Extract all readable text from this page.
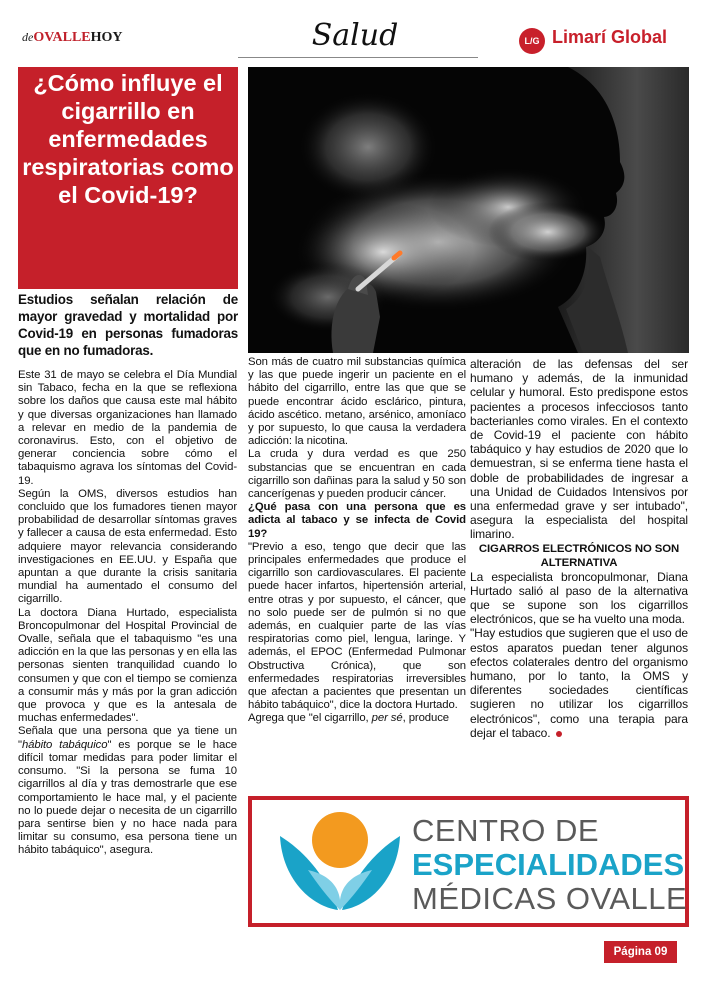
deOVALLEHOY	Salud	L/G Limarí Global
¿Cómo influye el cigarrillo en enfermedades respiratorias como el Covid-19?
Estudios señalan relación de mayor gravedad y mortalidad por Covid-19 en personas fumadoras que en no fumadoras.

Este 31 de mayo se celebra el Día Mundial sin Tabaco, fecha en la que se reflexiona sobre los daños que causa este mal hábito y que diversas organizaciones han llamado a relevar en medio de la pandemia de coronavirus. Esto, con el objetivo de generar conciencia sobre cómo el tabaquismo agrava los síntomas del Covid-19.

Según la OMS, diversos estudios han concluido que los fumadores tienen mayor probabilidad de desarrollar síntomas graves y fallecer a causa de esta enfermedad. Esto adquiere mayor relevancia considerando investigaciones en EE.UU. y España que apuntan a que durante la crisis sanitaria mundial ha aumentado el consumo del cigarrillo.

La doctora Diana Hurtado, especialista Broncopulmonar del Hospital Provincial de Ovalle, señala que el tabaquismo "es una adicción en la que las personas y en ella las personas sienten tranquilidad cuando lo consumen y que con el tiempo se comienza a consumir más y más por la gran adicción que provoca y que es la antesala de muchas enfermedades".

Señala que una persona que ya tiene un "hábito tabáquico" es porque se le hace difícil tomar medidas para poder limitar el consumo. "Si la persona se fuma 10 cigarrillos al día y tras demostrarle que ese comportamiento le hace mal, y el paciente no lo puede dejar o necesita de un cigarrillo para sentirse bien y no hace nada para limitar su consumo, esa persona tiene un hábito tabáquico", asegura.

Son más de cuatro mil substancias química y las que puede ingerir un paciente en el hábito del cigarrillo, entre las que que se puede encontrar ácido esclárico, pintura, ácido ascético. metano, arsénico, amoníaco y por supuesto, lo que causa la verdadera adicción: la nicotina.

La cruda y dura verdad es que 250 substancias que se encuentran en cada cigarrillo son dañinas para la salud y 50 son cancerígenas y pueden producir cáncer.

¿Qué pasa con una persona que es adicta al tabaco y se infecta de Covid 19?

"Previo a eso, tengo que decir que las principales enfermedades que produce el cigarrillo son cardiovasculares. El paciente puede hacer infartos, hipertensión arterial, entre otras y por supuesto, el cáncer, que no solo puede ser de pulmón si no que además, en cualquier parte de las vías respiratorias como piel, lengua, laringe. Y además, el EPOC (Enfermedad Pulmonar Obstructiva Crónica), que son enfermedades respiratorias irreversibles que afectan a pacientes que presentan un hábito tabáquico", dice la doctora Hurtado.

Agrega que "el cigarrillo, per sé, produce

alteración de las defensas del ser humano y además, de la inmunidad celular y humoral. Esto predispone estos pacientes a procesos infecciosos tanto bacterianles como virales. En el contexto de Covid-19 el paciente con hábito tabáquico y hay estudios de 2020 que lo demuestran, si se enferma tiene hasta el doble de probabilidades de ingresar a una Unidad de Cuidados Intensivos por una enfermedad grave y ser intubado", asegura la especialista del hospital limarino.

CIGARROS ELECTRÓNICOS NO SON ALTERNATIVA

La especialista broncopulmonar, Diana Hurtado salió al paso de la alternativa que se supone son los cigarrillos electrónicos, que se ha vuelto una moda.

"Hay estudios que sugieren que el uso de estos aparatos puedan tener algunos efectos colaterales dentro del organismo humano, por lo tanto, la OMS y diferentes sociedades científicas sugieren no utilizar los cigarrillos electrónicos", como una terapia para dejar el tabaco.

CENTRO DE
ESPECIALIDADES
MÉDICAS OVALLE
Página 09
